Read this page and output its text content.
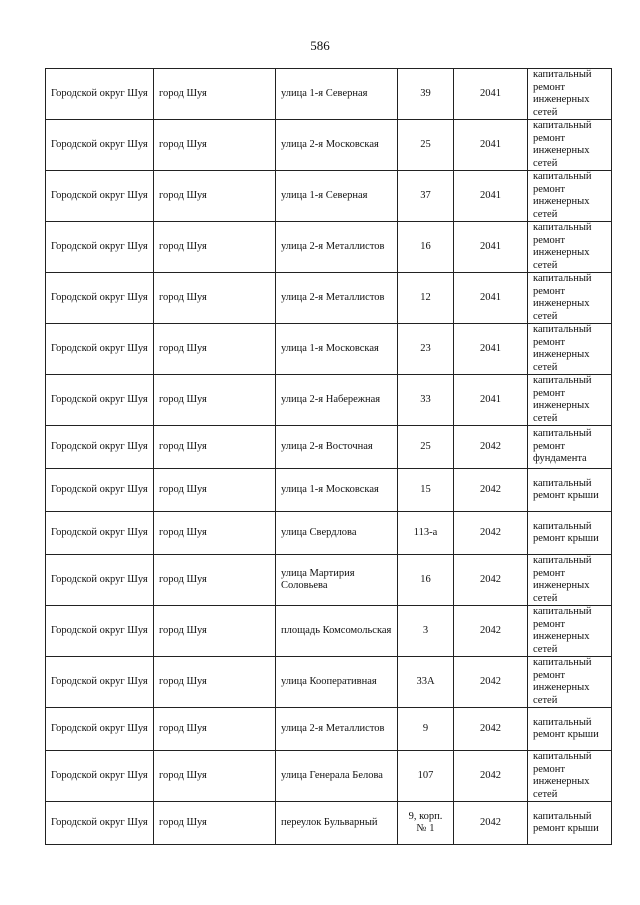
586
Городской округ Шуя	город Шуя	улица 1-я Северная	39	2041	капитальный ремонт инженерных сетей
Городской округ Шуя	город Шуя	улица 2-я Московская	25	2041	капитальный ремонт инженерных сетей
Городской округ Шуя	город Шуя	улица 1-я Северная	37	2041	капитальный ремонт инженерных сетей
Городской округ Шуя	город Шуя	улица 2-я Металлистов	16	2041	капитальный ремонт инженерных сетей
Городской округ Шуя	город Шуя	улица 2-я Металлистов	12	2041	капитальный ремонт инженерных сетей
Городской округ Шуя	город Шуя	улица 1-я Московская	23	2041	капитальный ремонт инженерных сетей
Городской округ Шуя	город Шуя	улица 2-я Набережная	33	2041	капитальный ремонт инженерных сетей
Городской округ Шуя	город Шуя	улица 2-я Восточная	25	2042	капитальный ремонт фундамента
Городской округ Шуя	город Шуя	улица 1-я Московская	15	2042	капитальный ремонт крыши
Городской округ Шуя	город Шуя	улица Свердлова	113-а	2042	капитальный ремонт крыши
Городской округ Шуя	город Шуя	улица Мартирия Соловьева	16	2042	капитальный ремонт инженерных сетей
Городской округ Шуя	город Шуя	площадь Комсомольская	3	2042	капитальный ремонт инженерных сетей
Городской округ Шуя	город Шуя	улица Кооперативная	33А	2042	капитальный ремонт инженерных сетей
Городской округ Шуя	город Шуя	улица 2-я Металлистов	9	2042	капитальный ремонт крыши
Городской округ Шуя	город Шуя	улица Генерала Белова	107	2042	капитальный ремонт инженерных сетей
Городской округ Шуя	город Шуя	переулок Бульварный	9, корп. № 1	2042	капитальный ремонт крыши
